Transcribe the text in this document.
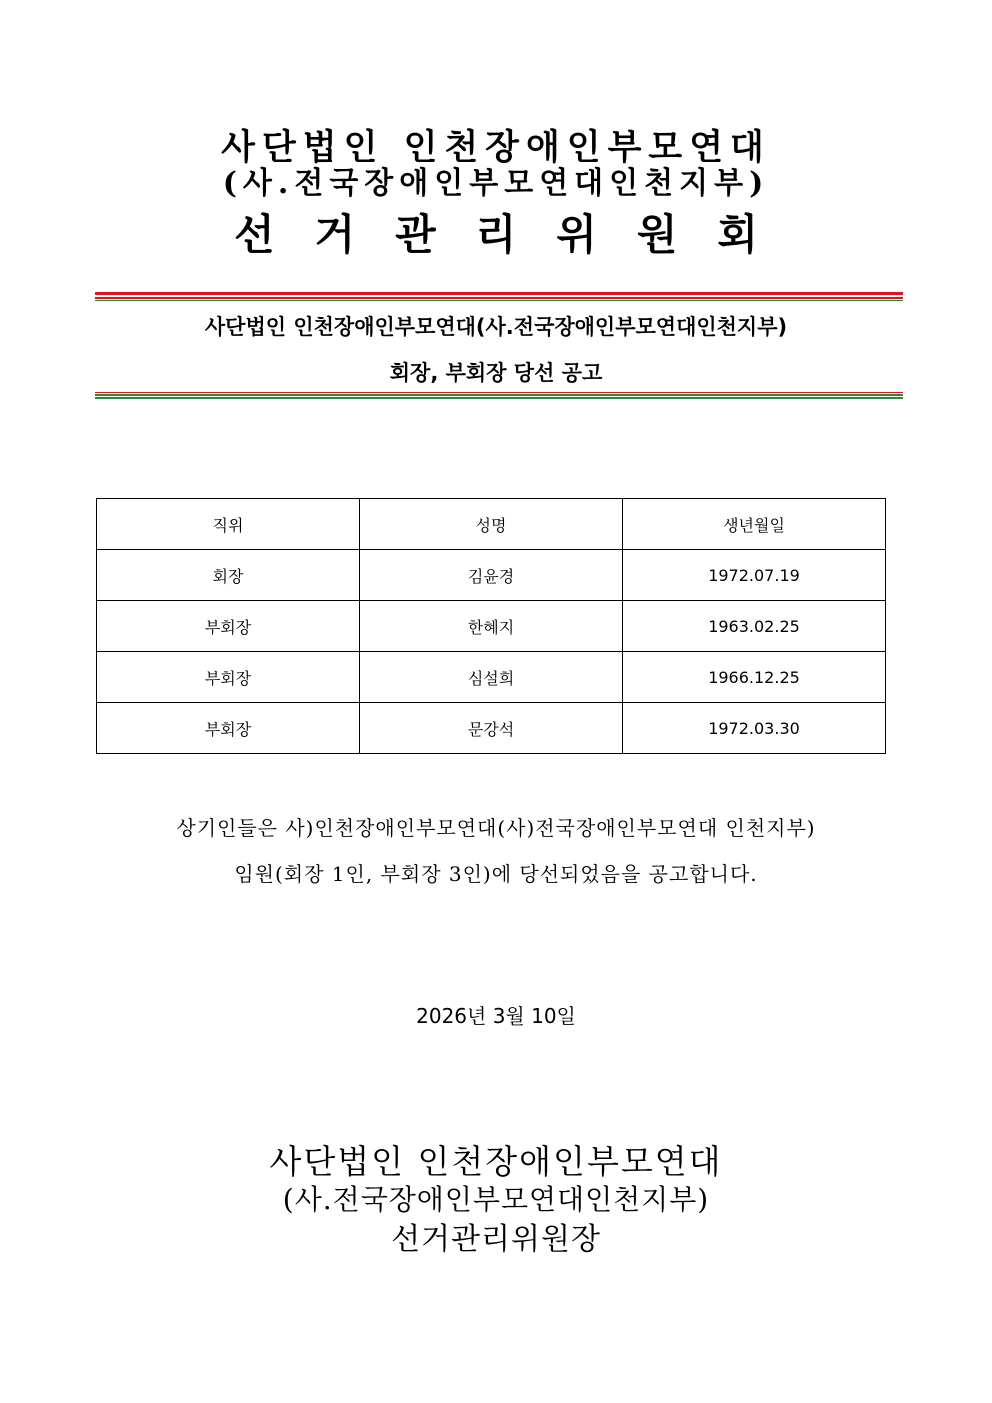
사단법인 인천장애인부모연대
(사.전국장애인부모연대인천지부)
선거관리위원회
사단법인 인천장애인부모연대(사.전국장애인부모연대인천지부)
회장, 부회장 당선 공고
직위	성명	생년월일
회장	김윤경	1972.07.19
부회장	한혜지	1963.02.25
부회장	심설희	1966.12.25
부회장	문강석	1972.03.30
상기인들은 사)인천장애인부모연대(사)전국장애인부모연대 인천지부)
임원(회장 1인, 부회장 3인)에 당선되었음을 공고합니다.
2026년 3월 10일
사단법인 인천장애인부모연대
(사.전국장애인부모연대인천지부)
선거관리위원장
